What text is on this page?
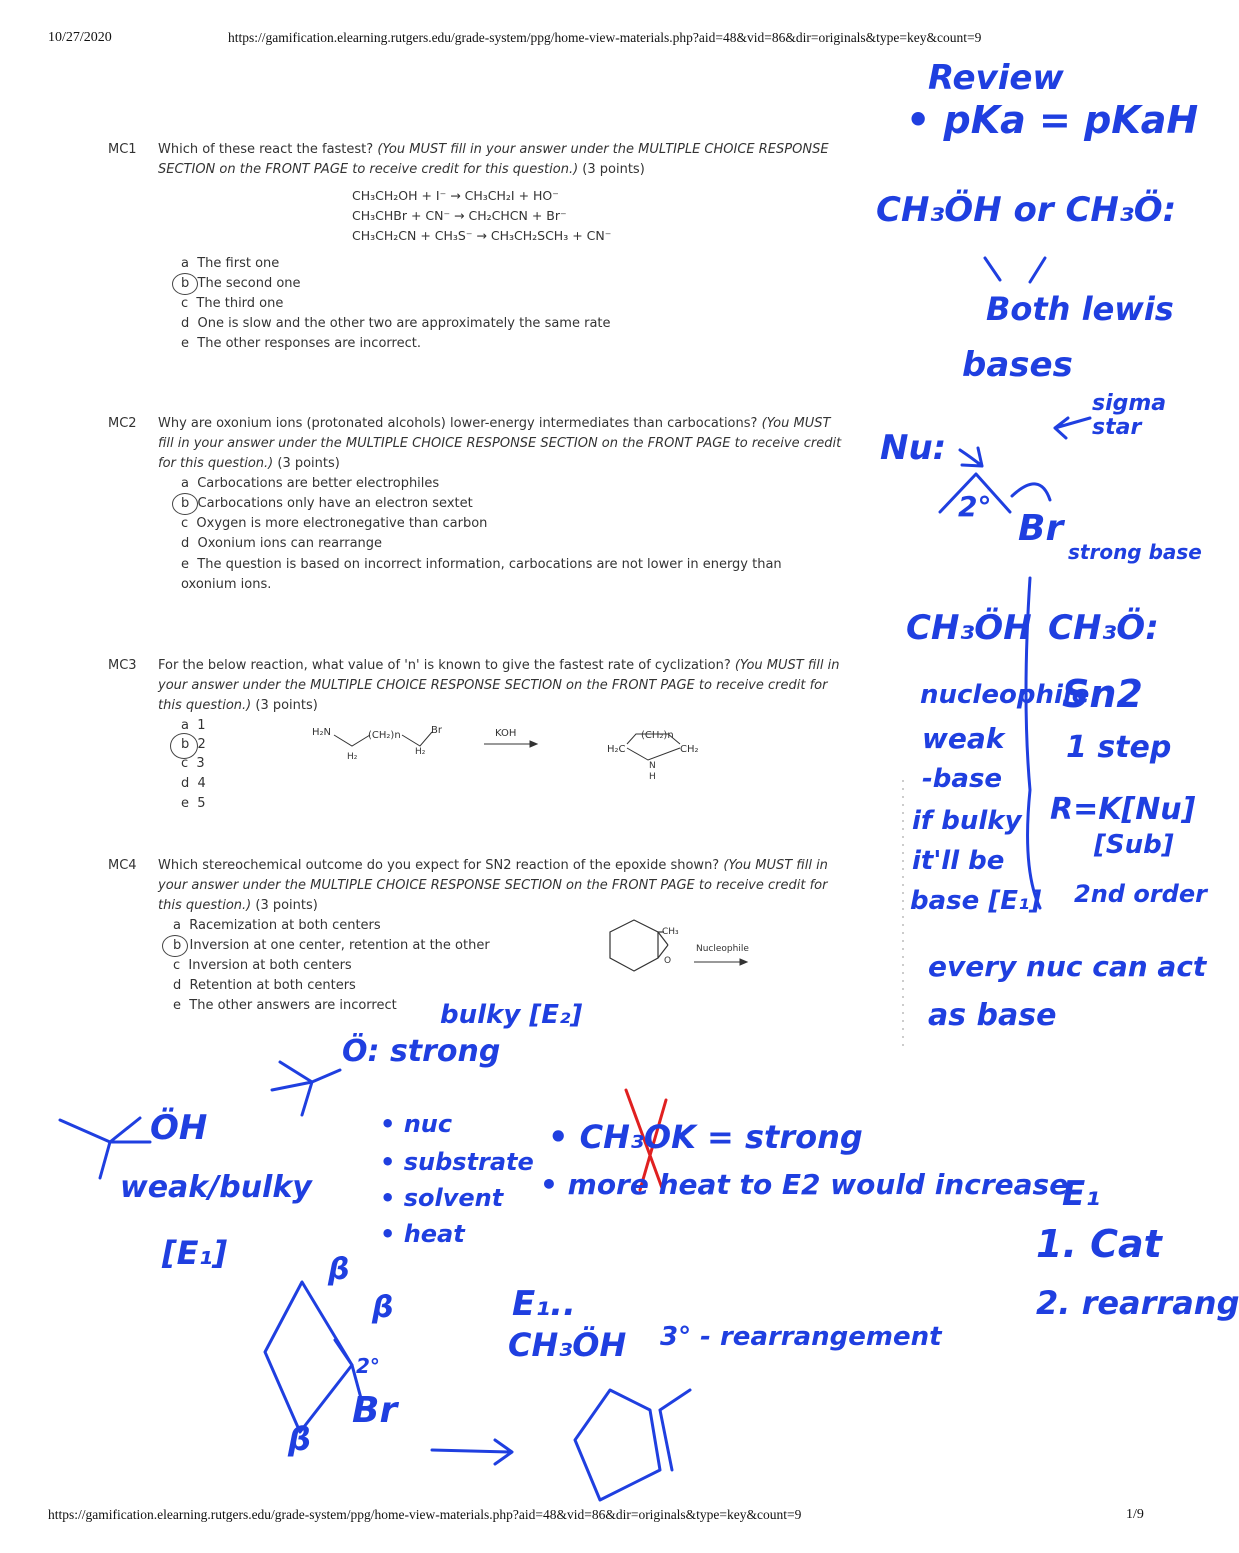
10/27/2020	https://gamification.elearning.rutgers.edu/grade-system/ppg/home-view-materials.php?aid=48&vid=86&dir=originals&type=key&count=9
https://gamification.elearning.rutgers.edu/grade-system/ppg/home-view-materials.php?aid=48&vid=86&dir=originals&type=key&count=9	1/9
MC1 Which of these react the fastest? (You MUST fill in your answer under the MULTIPLE CHOICE RESPONSE SECTION on the FRONT PAGE to receive credit for this question.) (3 points)
CH₃CH₂OH + I⁻ → CH₃CH₂I + HO⁻
CH₃CHBr + CN⁻ → CH₂CHCN + Br⁻
CH₃CH₂CN + CH₃S⁻ → CH₃CH₂SCH₃ + CN⁻
a The first one
b The second one
c The third one
d One is slow and the other two are approximately the same rate
e The other responses are incorrect.
MC2 Why are oxonium ions (protonated alcohols) lower-energy intermediates than carbocations? (You MUST fill in your answer under the MULTIPLE CHOICE RESPONSE SECTION on the FRONT PAGE to receive credit for this question.) (3 points)
a Carbocations are better electrophiles
b Carbocations only have an electron sextet
c Oxygen is more electronegative than carbon
d Oxonium ions can rearrange
e The question is based on incorrect information, carbocations are not lower in energy than
oxonium ions.
MC3 For the below reaction, what value of 'n' is known to give the fastest rate of cyclization? (You MUST fill in your answer under the MULTIPLE CHOICE RESPONSE SECTION on the FRONT PAGE to receive credit for this question.) (3 points)
a 1
b 2
c 3
d 4
e 5
H₂N	(CH₂)n	Br
H₂	H₂
KOH	(CH₂)n
H₂C	CH₂
N
H
MC4 Which stereochemical outcome do you expect for SN2 reaction of the epoxide shown? (You MUST fill in your answer under the MULTIPLE CHOICE RESPONSE SECTION on the FRONT PAGE to receive credit for this question.) (3 points)
a Racemization at both centers
b Inversion at one center, retention at the other
c Inversion at both centers
d Retention at both centers
e The other answers are incorrect
CH₃
O
Nucleophile
Review
• pKa = pKaH
CH₃ÖH or CH₃Ö:
Both lewis
bases
Nu:
sigma star
2°
Br
strong base
CH₃ÖH
nucleophile
weak
-base
if bulky
it'll be
base [E₁]
CH₃Ö:
Sn2
1 step
R=K[Nu]
[Sub]
2nd order
every nuc can act
as base
Ö: strong
bulky [E₂]
ÖH
weak/bulky
[E₁]
• nuc
• substrate
• solvent
• heat
• CH₃OK = strong
• more heat to E2 would increase
E₁
1. Cat
2. rearrang
β
β
β
2°
Br
E₁..
CH₃ÖH 3° - rearrangement
